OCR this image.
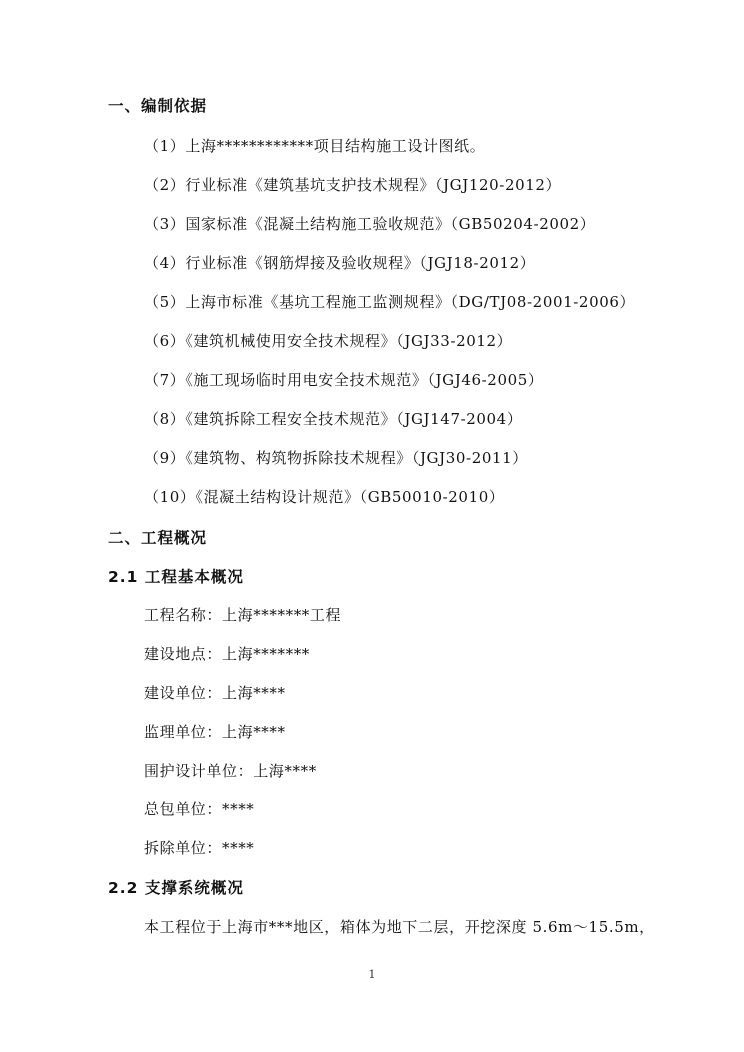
一、编制依据
（1）上海************项目结构施工设计图纸。
（2）行业标准《建筑基坑支护技术规程》（JGJ120-2012）
（3）国家标准《混凝土结构施工验收规范》（GB50204-2002）
（4）行业标准《钢筋焊接及验收规程》（JGJ18-2012）
（5）上海市标准《基坑工程施工监测规程》（DG/TJ08-2001-2006）
（6）《建筑机械使用安全技术规程》（JGJ33-2012）
（7）《施工现场临时用电安全技术规范》（JGJ46-2005）
（8）《建筑拆除工程安全技术规范》（JGJ147-2004）
（9）《建筑物、构筑物拆除技术规程》（JGJ30-2011）
（10）《混凝土结构设计规范》（GB50010-2010）
二、工程概况
2.1 工程基本概况
工程名称：上海*******工程
建设地点：上海*******
建设单位：上海****
监理单位：上海****
围护设计单位：上海****
总包单位：****
拆除单位：****
2.2 支撑系统概况
本工程位于上海市***地区，箱体为地下二层，开挖深度 5.6m～15.5m，
1
